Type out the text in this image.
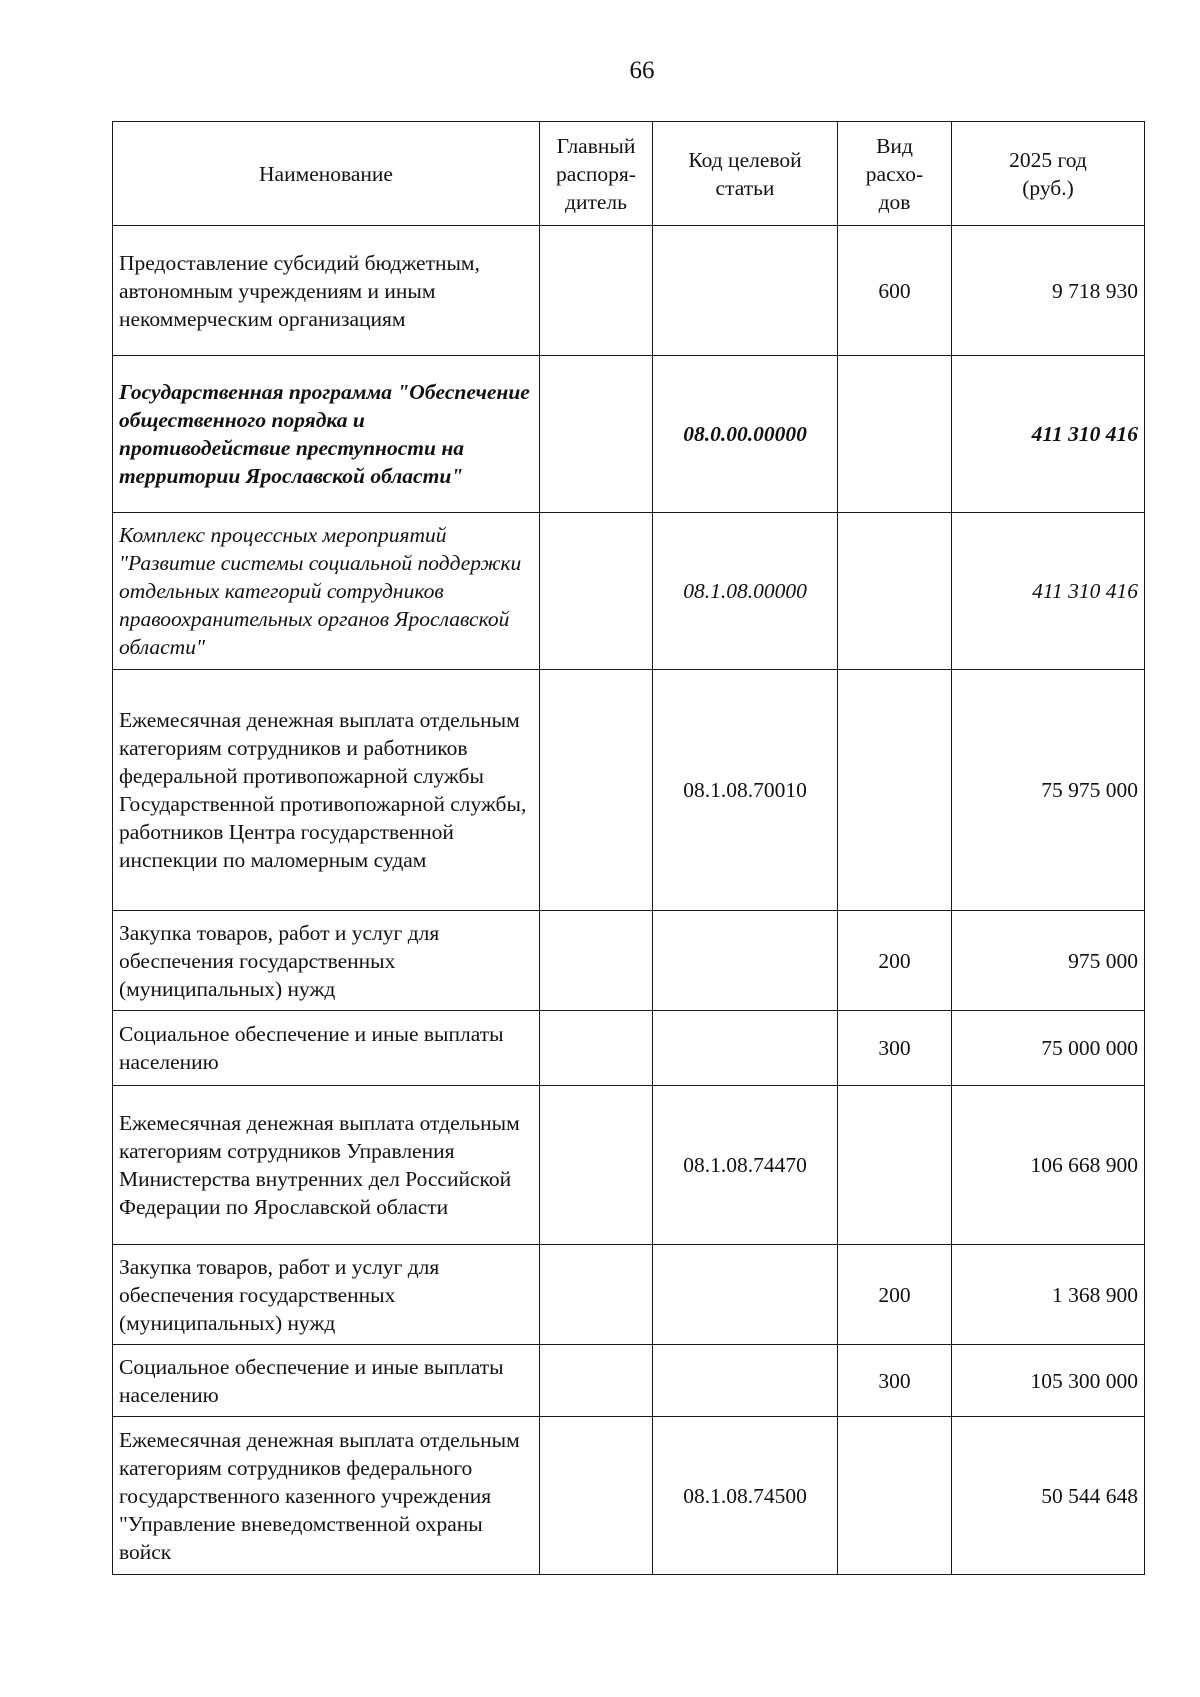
66
Наименование	Главный распоря-дитель	Код целевой статьи	Вид расхо-дов	2025 год (руб.)
Предоставление субсидий бюджетным, автономным учреждениям и иным некоммерческим организациям			600	9 718 930
Государственная программа "Обеспечение общественного порядка и противодействие преступности на территории Ярославской области"		08.0.00.00000		411 310 416
Комплекс процессных мероприятий "Развитие системы социальной поддержки отдельных категорий сотрудников правоохранительных органов Ярославской области"		08.1.08.00000		411 310 416
Ежемесячная денежная выплата отдельным категориям сотрудников и работников федеральной противопожарной службы Государственной противопожарной службы, работников Центра государственной инспекции по маломерным судам		08.1.08.70010		75 975 000
Закупка товаров, работ и услуг для обеспечения государственных (муниципальных) нужд			200	975 000
Социальное обеспечение и иные выплаты населению			300	75 000 000
Ежемесячная денежная выплата отдельным категориям сотрудников Управления Министерства внутренних дел Российской Федерации по Ярославской области		08.1.08.74470		106 668 900
Закупка товаров, работ и услуг для обеспечения государственных (муниципальных) нужд			200	1 368 900
Социальное обеспечение и иные выплаты населению			300	105 300 000
Ежемесячная денежная выплата отдельным категориям сотрудников федерального государственного казенного учреждения "Управление вневедомственной охраны войск		08.1.08.74500		50 544 648
